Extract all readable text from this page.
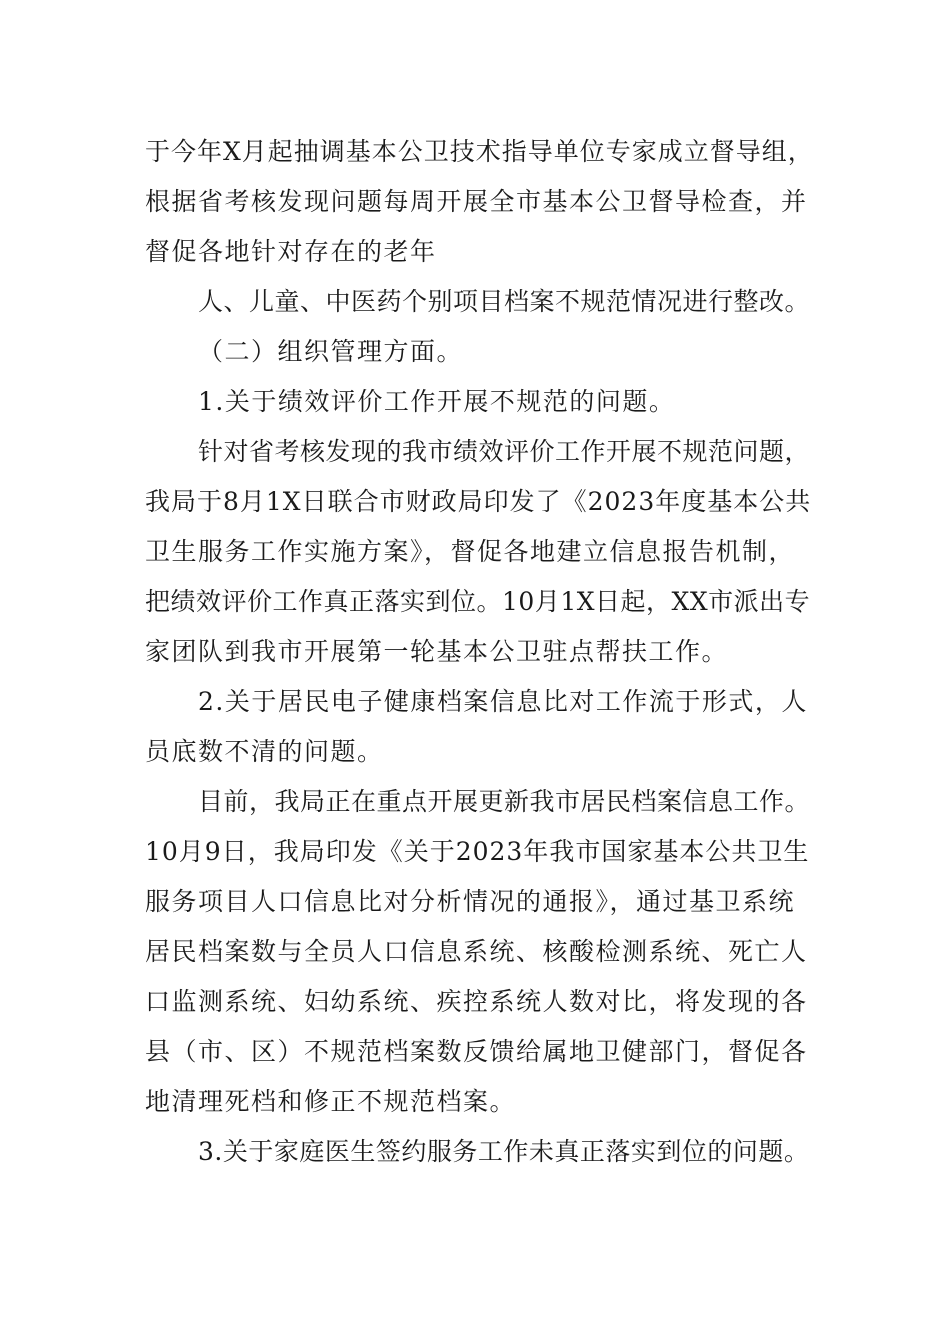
于今年X月起抽调基本公卫技术指导单位专家成立督导组，
根据省考核发现问题每周开展全市基本公卫督导检查，并
督促各地针对存在的老年
人、儿童、中医药个别项目档案不规范情况进行整改。
（二）组织管理方面。
1.关于绩效评价工作开展不规范的问题。
针对省考核发现的我市绩效评价工作开展不规范问题，
我局于8月1X日联合市财政局印发了《2023年度基本公共
卫生服务工作实施方案》，督促各地建立信息报告机制，
把绩效评价工作真正落实到位。10月1X日起，XX市派出专
家团队到我市开展第一轮基本公卫驻点帮扶工作。
2.关于居民电子健康档案信息比对工作流于形式，人
员底数不清的问题。
目前，我局正在重点开展更新我市居民档案信息工作。
10月9日，我局印发《关于2023年我市国家基本公共卫生
服务项目人口信息比对分析情况的通报》，通过基卫系统
居民档案数与全员人口信息系统、核酸检测系统、死亡人
口监测系统、妇幼系统、疾控系统人数对比，将发现的各
县（市、区）不规范档案数反馈给属地卫健部门，督促各
地清理死档和修正不规范档案。
3.关于家庭医生签约服务工作未真正落实到位的问题。
